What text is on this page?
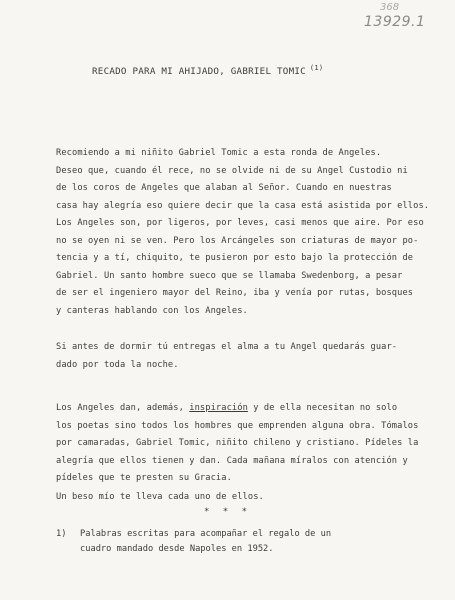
368
13929.1
RECADO PARA MI AHIJADO, GABRIEL TOMIC $^{(1)}$
Recomiendo a mi niñito Gabriel Tomic a esta ronda de Angeles.
Deseo que, cuando él rece, no se olvide ni de su Angel Custodio ni
de los coros de Angeles que alaban al Señor. Cuando en nuestras
casa hay alegría eso quiere decir que la casa está asistida por ellos.
Los Angeles son, por ligeros, por leves, casi menos que aire. Por eso
no se oyen ni se ven. Pero los Arcángeles son criaturas de mayor po-
tencia y a tí, chiquito, te pusieron por esto bajo la protección de
Gabriel. Un santo hombre sueco que se llamaba Swedenborg, a pesar
de ser el ingeniero mayor del Reino, iba y venía por rutas, bosques
y canteras hablando con los Angeles.
Si antes de dormir tú entregas el alma a tu Angel quedarás guar-
dado por toda la noche.
Los Angeles dan, además, inspiración y de ella necesitan no solo
los poetas sino todos los hombres que emprenden alguna obra. Tómalos
por camaradas, Gabriel Tomic, niñito chileno y cristiano. Pídeles la
alegría que ellos tienen y dan. Cada mañana míralos con atención y
pídeles que te presten su Gracia.
Un beso mío te lleva cada uno de ellos.
* * *
1) Palabras escritas para acompañar el regalo de un
cuadro mandado desde Napoles en 1952.
